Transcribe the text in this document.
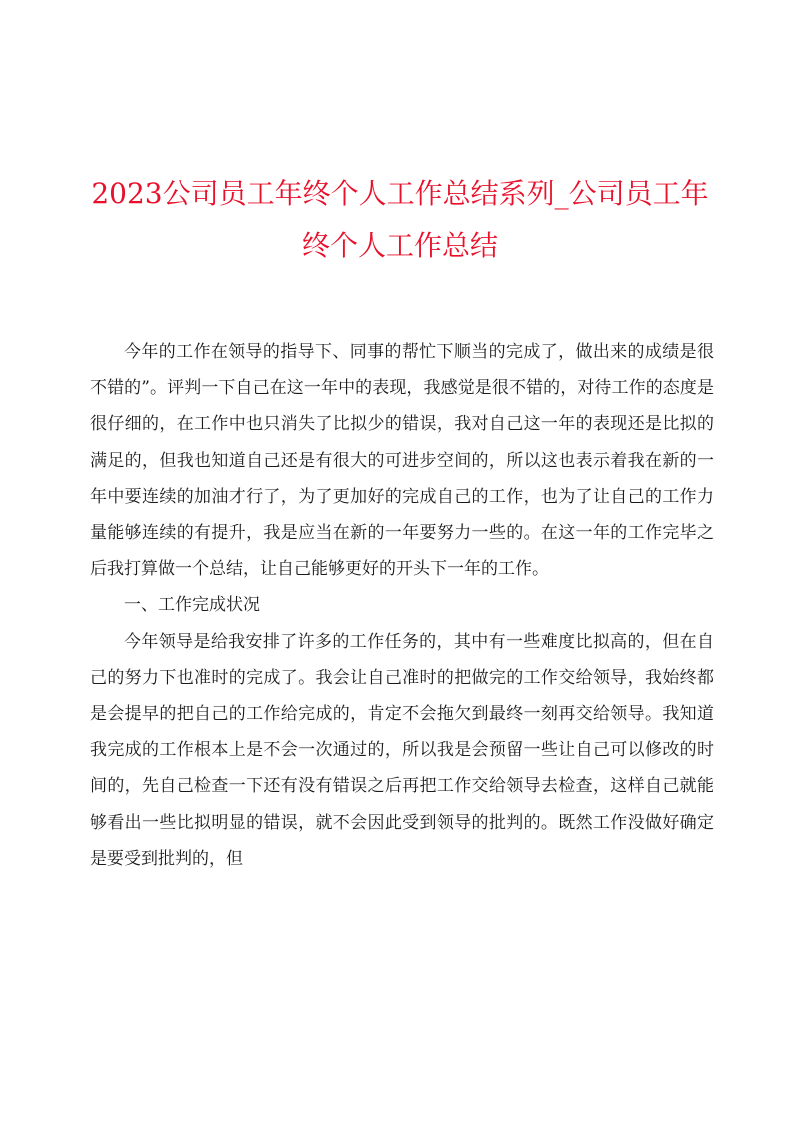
2023公司员工年终个人工作总结系列_公司员工年终个人工作总结

今年的工作在领导的指导下、同事的帮忙下顺当的完成了，做出来的成绩是很不错的”。评判一下自己在这一年中的表现，我感觉是很不错的，对待工作的态度是很仔细的，在工作中也只消失了比拟少的错误，我对自己这一年的表现还是比拟的满足的，但我也知道自己还是有很大的可进步空间的，所以这也表示着我在新的一年中要连续的加油才行了，为了更加好的完成自己的工作，也为了让自己的工作力量能够连续的有提升，我是应当在新的一年要努力一些的。在这一年的工作完毕之后我打算做一个总结，让自己能够更好的开头下一年的工作。

一、工作完成状况

今年领导是给我安排了许多的工作任务的，其中有一些难度比拟高的，但在自己的努力下也准时的完成了。我会让自己准时的把做完的工作交给领导，我始终都是会提早的把自己的工作给完成的，肯定不会拖欠到最终一刻再交给领导。我知道我完成的工作根本上是不会一次通过的，所以我是会预留一些让自己可以修改的时间的，先自己检查一下还有没有错误之后再把工作交给领导去检查，这样自己就能够看出一些比拟明显的错误，就不会因此受到领导的批判的。既然工作没做好确定是要受到批判的，但
